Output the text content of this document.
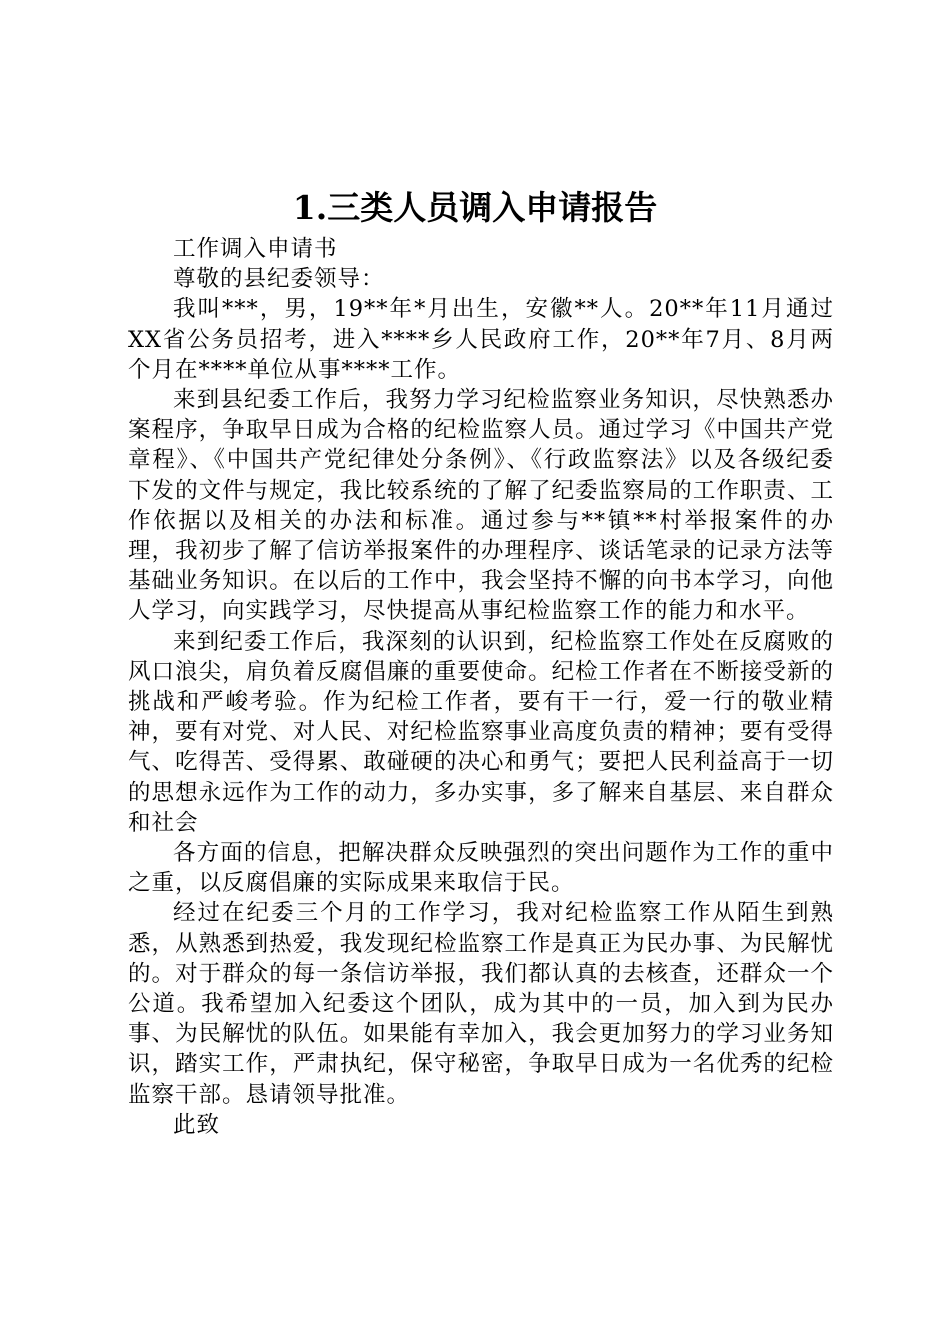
1.三类人员调入申请报告

工作调入申请书

尊敬的县纪委领导：

我叫***，男，19**年*月出生，安徽**人。20**年11月通过XX省公务员招考，进入****乡人民政府工作，20**年7月、8月两个月在****单位从事****工作。

来到县纪委工作后，我努力学习纪检监察业务知识，尽快熟悉办案程序，争取早日成为合格的纪检监察人员。通过学习《中国共产党章程》、《中国共产党纪律处分条例》、《行政监察法》以及各级纪委下发的文件与规定，我比较系统的了解了纪委监察局的工作职责、工作依据以及相关的办法和标准。通过参与**镇**村举报案件的办理，我初步了解了信访举报案件的办理程序、谈话笔录的记录方法等基础业务知识。在以后的工作中，我会坚持不懈的向书本学习，向他人学习，向实践学习，尽快提高从事纪检监察工作的能力和水平。

来到纪委工作后，我深刻的认识到，纪检监察工作处在反腐败的风口浪尖，肩负着反腐倡廉的重要使命。纪检工作者在不断接受新的挑战和严峻考验。作为纪检工作者，要有干一行，爱一行的敬业精神，要有对党、对人民、对纪检监察事业高度负责的精神；要有受得气、吃得苦、受得累、敢碰硬的决心和勇气；要把人民利益高于一切的思想永远作为工作的动力，多办实事，多了解来自基层、来自群众和社会

各方面的信息，把解决群众反映强烈的突出问题作为工作的重中之重，以反腐倡廉的实际成果来取信于民。

经过在纪委三个月的工作学习，我对纪检监察工作从陌生到熟悉，从熟悉到热爱，我发现纪检监察工作是真正为民办事、为民解忧的。对于群众的每一条信访举报，我们都认真的去核查，还群众一个公道。我希望加入纪委这个团队，成为其中的一员，加入到为民办事、为民解忧的队伍。如果能有幸加入，我会更加努力的学习业务知识，踏实工作，严肃执纪，保守秘密，争取早日成为一名优秀的纪检监察干部。恳请领导批准。

此致
